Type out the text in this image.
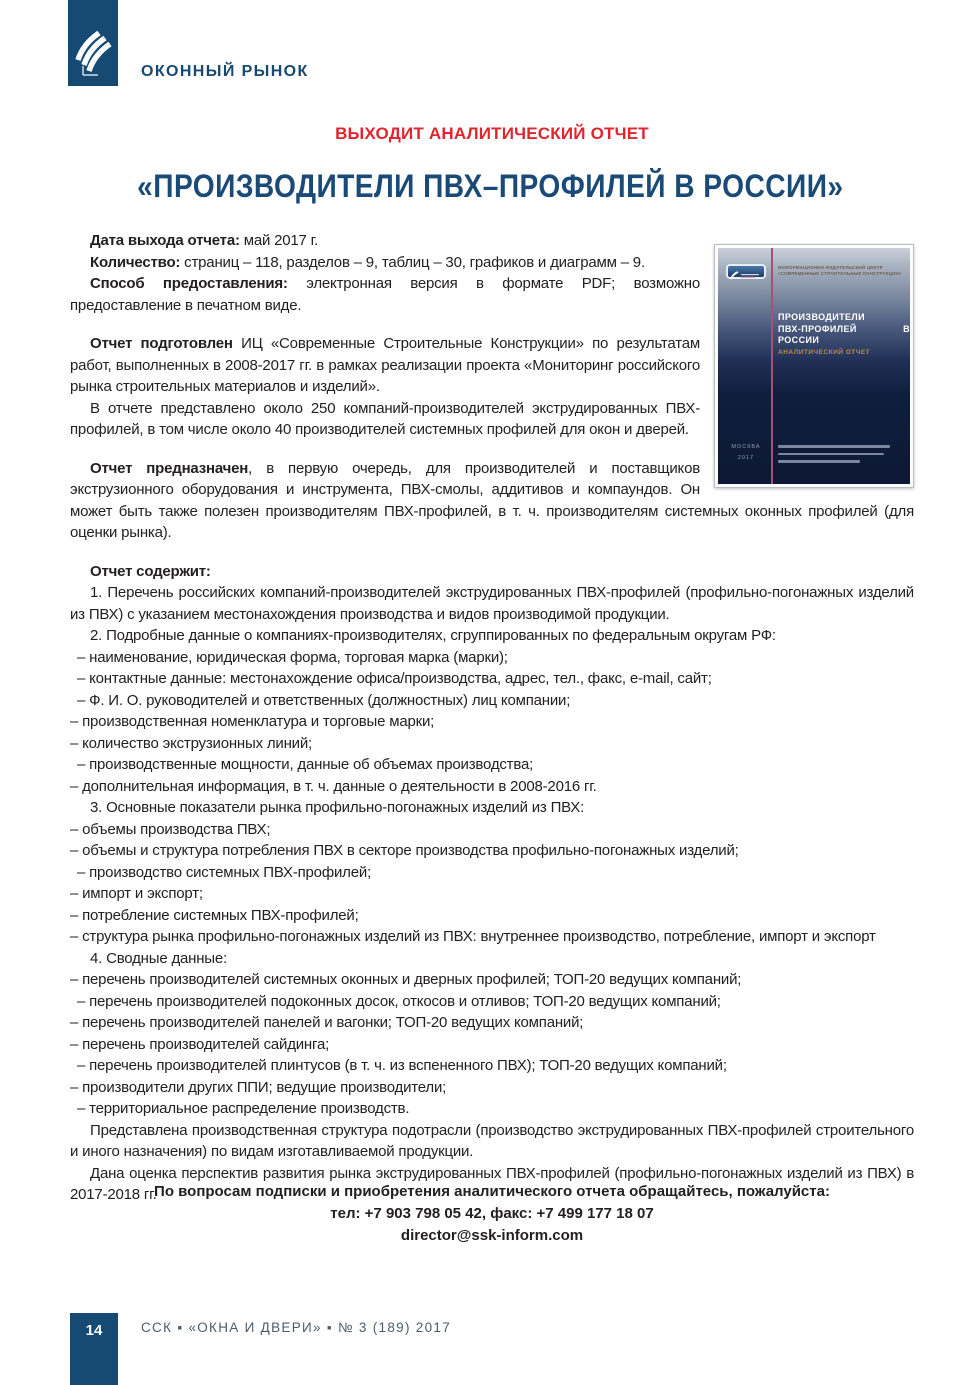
ОКОННЫЙ РЫНОК
ВЫХОДИТ АНАЛИТИЧЕСКИЙ ОТЧЕТ
«ПРОИЗВОДИТЕЛИ ПВХ–ПРОФИЛЕЙ В РОССИИ»
ИНФОРМАЦИОННО-ИЗДАТЕЛЬСКИЙ ЦЕНТР
«СОВРЕМЕННЫЕ СТРОИТЕЛЬНЫЕ КОНСТРУКЦИИ»
ПРОИЗВОДИТЕЛИ
ПВХ-ПРОФИЛЕЙ В РОССИИ
АНАЛИТИЧЕСКИЙ ОТЧЕТ
МОСКВА
2017

Дата выхода отчета: май 2017 г.

Количество: страниц – 118, разделов – 9, таблиц – 30, графиков и диаграмм – 9.

Способ предоставления: электронная версия в формате PDF; возможно предоставление в печатном виде.

Отчет подготовлен ИЦ «Современные Строительные Конструкции» по результатам работ, выполненных в 2008-2017 гг. в рамках реализации проекта «Мониторинг российского рынка строительных материалов и изделий».

В отчете представлено около 250 компаний-производителей экструдированных ПВХ-профилей, в том числе около 40 производителей системных профилей для окон и дверей.

Отчет предназначен, в первую очередь, для производителей и поставщиков экструзионного оборудования и инструмента, ПВХ-смолы, аддитивов и компаундов. Он может быть также полезен производителям ПВХ-профилей, в т. ч. производителям системных оконных профилей (для оценки рынка).

Отчет содержит:

1. Перечень российских компаний-производителей экструдированных ПВХ-профилей (профильно-погонажных изделий из ПВХ) с указанием местонахождения производства и видов производимой продукции.

2. Подробные данные о компаниях-производителях, сгруппированных по федеральным округам РФ:

– наименование, юридическая форма, торговая марка (марки);

– контактные данные: местонахождение офиса/производства, адрес, тел., факс, e-mail, сайт;

– Ф. И. О. руководителей и ответственных (должностных) лиц компании;

– производственная номенклатура и торговые марки;

– количество экструзионных линий;

– производственные мощности, данные об объемах производства;

– дополнительная информация, в т. ч. данные о деятельности в 2008-2016 гг.

3. Основные показатели рынка профильно-погонажных изделий из ПВХ:

– объемы производства ПВХ;

– объемы и структура потребления ПВХ в секторе производства профильно-погонажных изделий;

– производство системных ПВХ-профилей;

– импорт и экспорт;

– потребление системных ПВХ-профилей;

– структура рынка профильно-погонажных изделий из ПВХ: внутреннее производство, потребление, импорт и экспорт

4. Сводные данные:

– перечень производителей системных оконных и дверных профилей; ТОП-20 ведущих компаний;

– перечень производителей подоконных досок, откосов и отливов; ТОП-20 ведущих компаний;

– перечень производителей панелей и вагонки; ТОП-20 ведущих компаний;

– перечень производителей сайдинга;

– перечень производителей плинтусов (в т. ч. из вспененного ПВХ); ТОП-20 ведущих компаний;

– производители других ППИ; ведущие производители;

– территориальное распределение производств.

Представлена производственная структура подотрасли (производство экструдированных ПВХ-профилей строительного и иного назначения) по видам изготавливаемой продукции.

Дана оценка перспектив развития рынка экструдированных ПВХ-профилей (профильно-погонажных изделий из ПВХ) в 2017-2018 гг.

По вопросам подписки и приобретения аналитического отчета обращайтесь, пожалуйста:
тел: +7 903 798 05 42, факс: +7 499 177 18 07
director@ssk-inform.com
14	ССК ▪ «ОКНА И ДВЕРИ» ▪ № 3 (189) 2017
